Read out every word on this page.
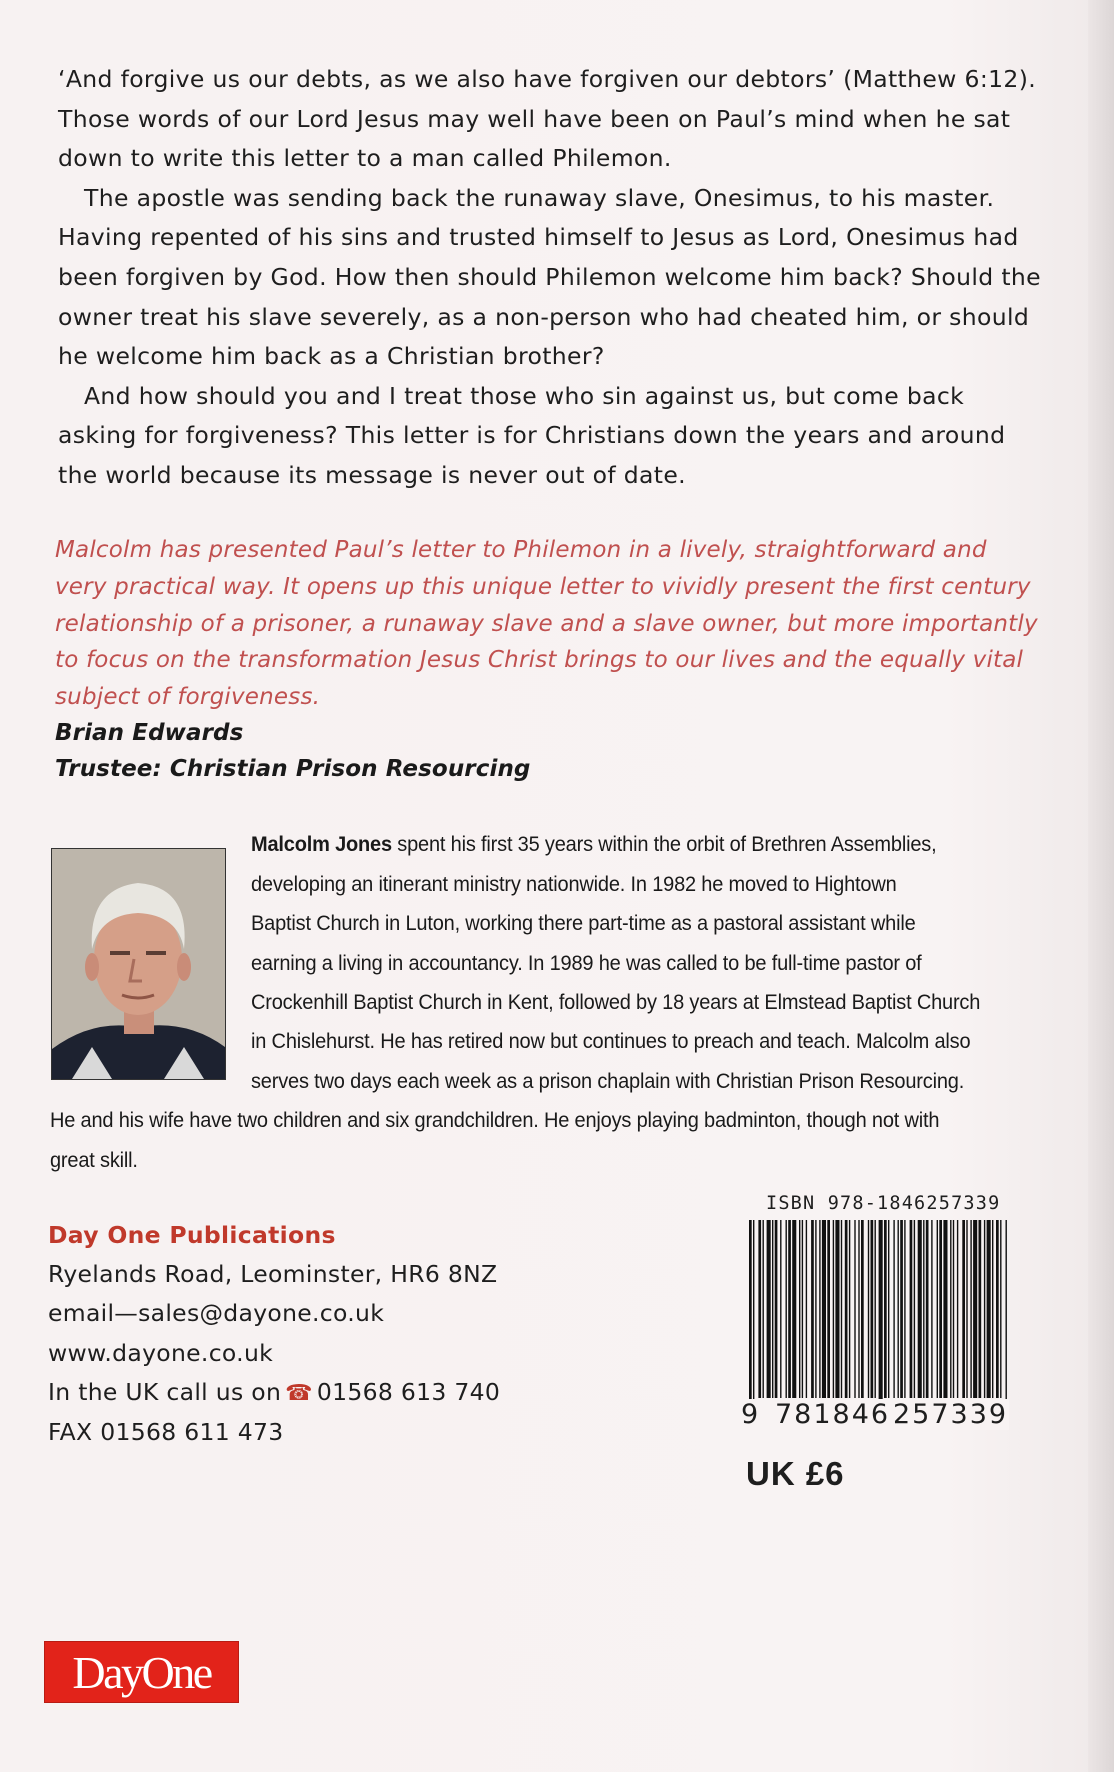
‘And forgive us our debts, as we also have forgiven our debtors’ (Matthew 6:12). Those words of our Lord Jesus may well have been on Paul’s mind when he sat down to write this letter to a man called Philemon.

The apostle was sending back the runaway slave, Onesimus, to his master. Having repented of his sins and trusted himself to Jesus as Lord, Onesimus had been forgiven by God. How then should Philemon welcome him back? Should the owner treat his slave severely, as a non-person who had cheated him, or should he welcome him back as a Christian brother?

And how should you and I treat those who sin against us, but come back asking for forgiveness? This letter is for Christians down the years and around the world because its message is never out of date.

Malcolm has presented Paul’s letter to Philemon in a lively, straightforward and very practical way. It opens up this unique letter to vividly present the first century relationship of a prisoner, a runaway slave and a slave owner, but more importantly to focus on the transformation Jesus Christ brings to our lives and the equally vital subject of forgiveness.
Brian Edwards
Trustee: Christian Prison Resourcing
Malcolm Jones spent his first 35 years within the orbit of Brethren Assemblies,
developing an itinerant ministry nationwide. In 1982 he moved to Hightown
Baptist Church in Luton, working there part-time as a pastoral assistant while
earning a living in accountancy. In 1989 he was called to be full-time pastor of
Crockenhill Baptist Church in Kent, followed by 18 years at Elmstead Baptist Church
in Chislehurst. He has retired now but continues to preach and teach. Malcolm also
serves two days each week as a prison chaplain with Christian Prison Resourcing.
He and his wife have two children and six grandchildren. He enjoys playing badminton, though not with
great skill.
Day One Publications
Ryelands Road, Leominster, HR6 8NZ
email—sales@dayone.co.uk
www.dayone.co.uk
In the UK call us on ☎ 01568 613 740
FAX 01568 611 473
ISBN 978-1846257339
9 781846 257339
UK £6
DayOne
